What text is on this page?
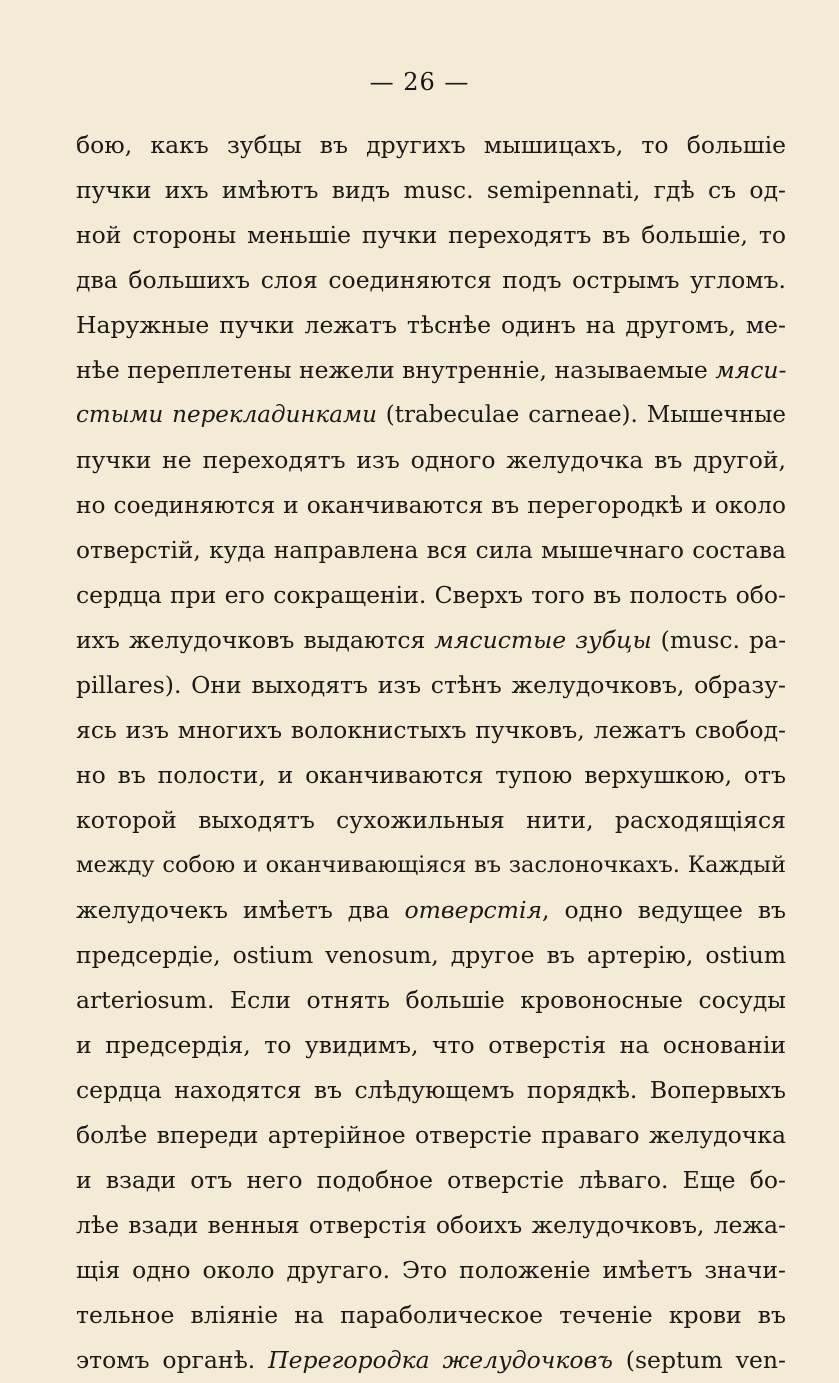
— 26 —
бою, какъ зубцы въ другихъ мышицахъ, то большіе
пучки ихъ имѣютъ видъ musc. semipennati, гдѣ съ од-
ной стороны меньшіе пучки переходятъ въ большіе, то
два большихъ слоя соединяются подъ острымъ угломъ.
Наружные пучки лежатъ тѣснѣе одинъ на другомъ, ме-
нѣе переплетены нежели внутренніе, называемые мяси-
стыми перекладинками (trabeculae carneae). Мышечные
пучки не переходятъ изъ одного желудочка въ другой,
но соединяются и оканчиваются въ перегородкѣ и около
отверстій, куда направлена вся сила мышечнаго состава
сердца при его сокращеніи. Сверхъ того въ полость обо-
ихъ желудочковъ выдаются мясистые зубцы (musc. pa-
pillares). Они выходятъ изъ стѣнъ желудочковъ, образу-
ясь изъ многихъ волокнистыхъ пучковъ, лежатъ свобод-
но въ полости, и оканчиваются тупою верхушкою, отъ
которой выходятъ сухожильныя нити, расходящіяся
между собою и оканчивающіяся въ заслоночкахъ. Каждый
желудочекъ имѣетъ два отверстія, одно ведущее въ
предсердіе, ostium venosum, другое въ артерію, ostium
arteriosum. Если отнять большіе кровоносные сосуды
и предсердія, то увидимъ, что отверстія на основаніи
сердца находятся въ слѣдующемъ порядкѣ. Вопервыхъ
болѣе впереди артерійное отверстіе праваго желудочка
и взади отъ него подобное отверстіе лѣваго. Еще бо-
лѣе взади венныя отверстія обоихъ желудочковъ, лежа-
щія одно около другаго. Это положеніе имѣетъ значи-
тельное вліяніе на параболическое теченіе крови въ
этомъ органѣ. Перегородка желудочковъ (septum ven-
